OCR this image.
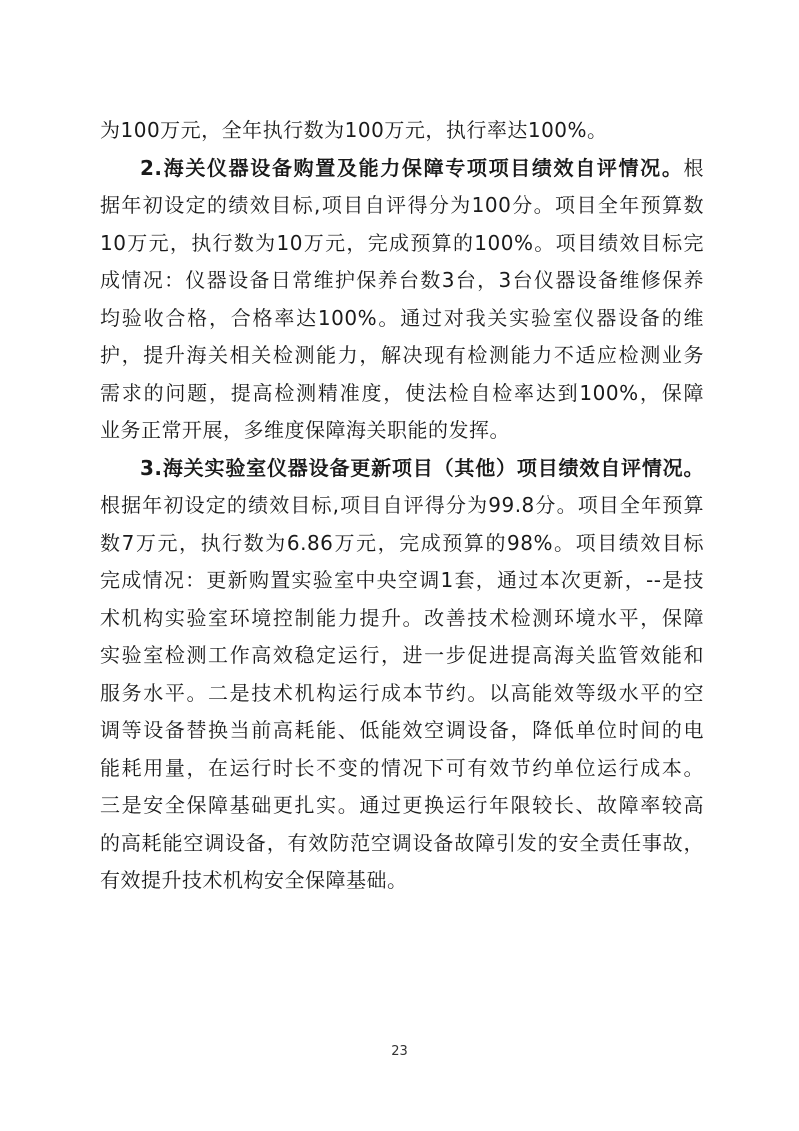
为100万元，全年执行数为100万元，执行率达100%。
2.海关仪器设备购置及能力保障专项项目绩效自评情况。根
据年初设定的绩效目标,项目自评得分为100分。项目全年预算数
10万元，执行数为10万元，完成预算的100%。项目绩效目标完
成情况：仪器设备日常维护保养台数3台，3台仪器设备维修保养
均验收合格，合格率达100%。通过对我关实验室仪器设备的维
护，提升海关相关检测能力，解决现有检测能力不适应检测业务
需求的问题，提高检测精准度，使法检自检率达到100%，保障
业务正常开展，多维度保障海关职能的发挥。
3.海关实验室仪器设备更新项目（其他）项目绩效自评情况。
根据年初设定的绩效目标,项目自评得分为99.8分。项目全年预算
数7万元，执行数为6.86万元，完成预算的98%。项目绩效目标
完成情况：更新购置实验室中央空调1套，通过本次更新，--是技
术机构实验室环境控制能力提升。改善技术检测环境水平，保障
实验室检测工作高效稳定运行，进一步促进提高海关监管效能和
服务水平。二是技术机构运行成本节约。以高能效等级水平的空
调等设备替换当前高耗能、低能效空调设备，降低单位时间的电
能耗用量，在运行时长不变的情况下可有效节约单位运行成本。
三是安全保障基础更扎实。通过更换运行年限较长、故障率较高
的高耗能空调设备，有效防范空调设备故障引发的安全责任事故，
有效提升技术机构安全保障基础。
23
